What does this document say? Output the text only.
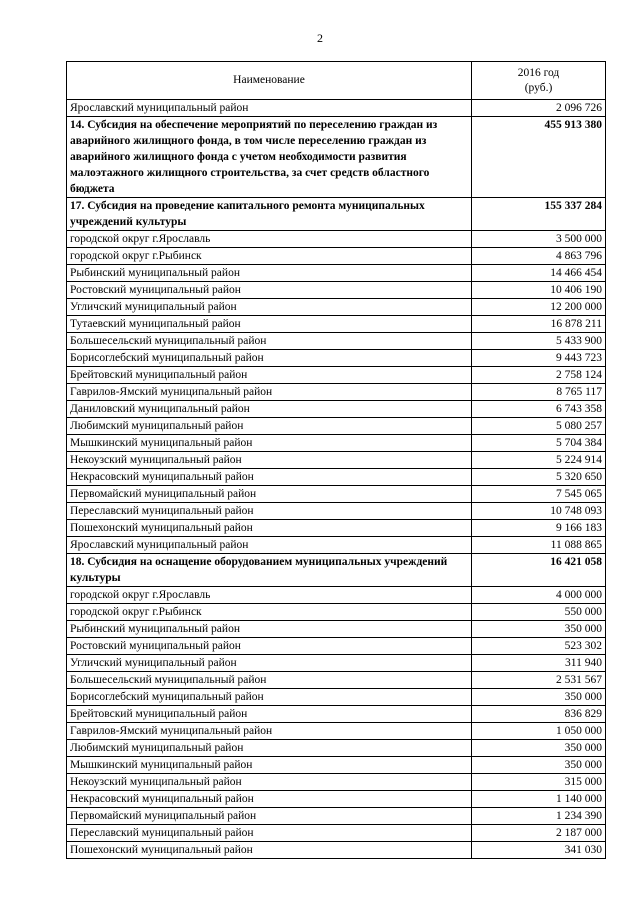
2
Наименование	2016 год
(руб.)

Ярославский муниципальный район	2 096 726
14. Субсидия на обеспечение мероприятий по переселению граждан из аварийного жилищного фонда, в том числе переселению граждан из аварийного жилищного фонда с учетом необходимости развития малоэтажного жилищного строительства, за счет средств областного бюджета	455 913 380
17. Субсидия на проведение капитального ремонта муниципальных учреждений культуры	155 337 284
городской округ г.Ярославль	3 500 000
городской округ г.Рыбинск	4 863 796
Рыбинский муниципальный район	14 466 454
Ростовский муниципальный район	10 406 190
Угличский муниципальный район	12 200 000
Тутаевский муниципальный район	16 878 211
Большесельский муниципальный район	5 433 900
Борисоглебский муниципальный район	9 443 723
Брейтовский муниципальный район	2 758 124
Гаврилов-Ямский муниципальный район	8 765 117
Даниловский муниципальный район	6 743 358
Любимский муниципальный район	5 080 257
Мышкинский муниципальный район	5 704 384
Некоузский муниципальный район	5 224 914
Некрасовский муниципальный район	5 320 650
Первомайский муниципальный район	7 545 065
Переславский муниципальный район	10 748 093
Пошехонский муниципальный район	9 166 183
Ярославский муниципальный район	11 088 865
18. Субсидия на оснащение оборудованием муниципальных учреждений культуры	16 421 058
городской округ г.Ярославль	4 000 000
городской округ г.Рыбинск	550 000
Рыбинский муниципальный район	350 000
Ростовский муниципальный район	523 302
Угличский муниципальный район	311 940
Большесельский муниципальный район	2 531 567
Борисоглебский муниципальный район	350 000
Брейтовский муниципальный район	836 829
Гаврилов-Ямский муниципальный район	1 050 000
Любимский муниципальный район	350 000
Мышкинский муниципальный район	350 000
Некоузский муниципальный район	315 000
Некрасовский муниципальный район	1 140 000
Первомайский муниципальный район	1 234 390
Переславский муниципальный район	2 187 000
Пошехонский муниципальный район	341 030
